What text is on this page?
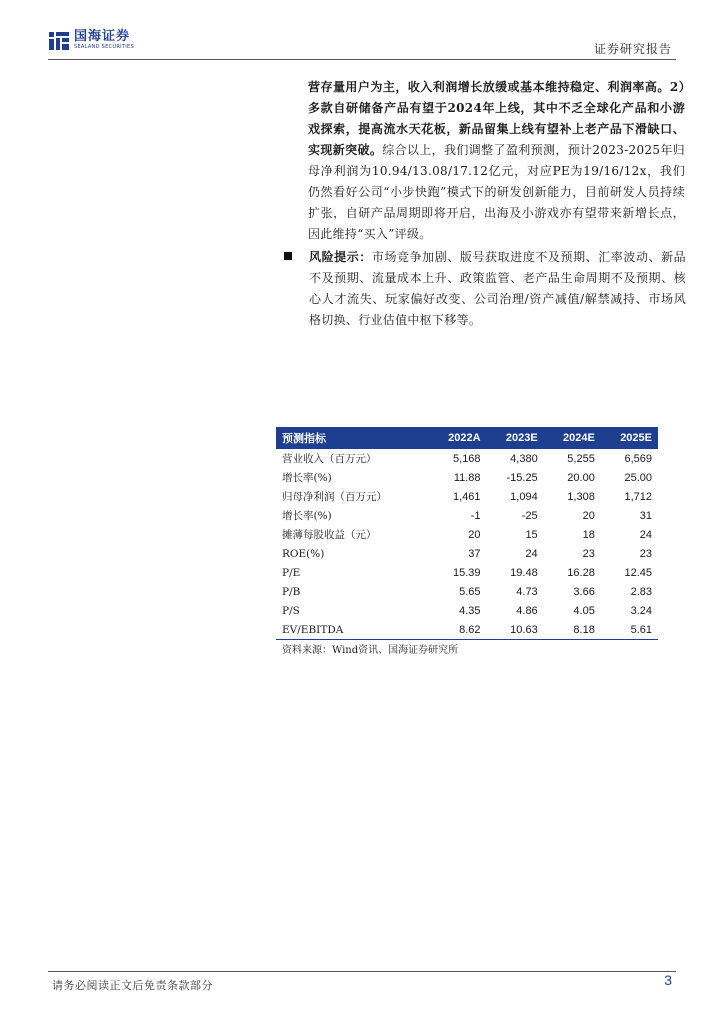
国海证券
SEALAND SECURITIES	证券研究报告

营存量用户为主，收入利润增长放缓或基本维持稳定、利润率高。2）多款自研储备产品有望于2024年上线，其中不乏全球化产品和小游戏探索，提高流水天花板，新品留集上线有望补上老产品下滑缺口、实现新突破。综合以上，我们调整了盈利预测，预计2023-2025年归母净利润为10.94/13.08/17.12亿元，对应PE为19/16/12x，我们仍然看好公司“小步快跑”模式下的研发创新能力，目前研发人员持续扩张，自研产品周期即将开启，出海及小游戏亦有望带来新增长点，因此维持“买入”评级。

风险提示：市场竞争加剧、版号获取进度不及预期、汇率波动、新品不及预期、流量成本上升、政策监管、老产品生命周期不及预期、核心人才流失、玩家偏好改变、公司治理/资产减值/解禁减持、市场风格切换、行业估值中枢下移等。

预测指标	2022A	2023E	2024E	2025E
营业收入（百万元）	5,168	4,380	5,255	6,569
增长率(%)	11.88	-15.25	20.00	25.00
归母净利润（百万元）	1,461	1,094	1,308	1,712
增长率(%)	-1	-25	20	31
摊薄每股收益（元）	20	15	18	24
ROE(%)	37	24	23	23
P/E	15.39	19.48	16.28	12.45
P/B	5.65	4.73	3.66	2.83
P/S	4.35	4.86	4.05	3.24
EV/EBITDA	8.62	10.63	8.18	5.61
资料来源：Wind资讯、国海证券研究所
请务必阅读正文后免责条款部分	3
